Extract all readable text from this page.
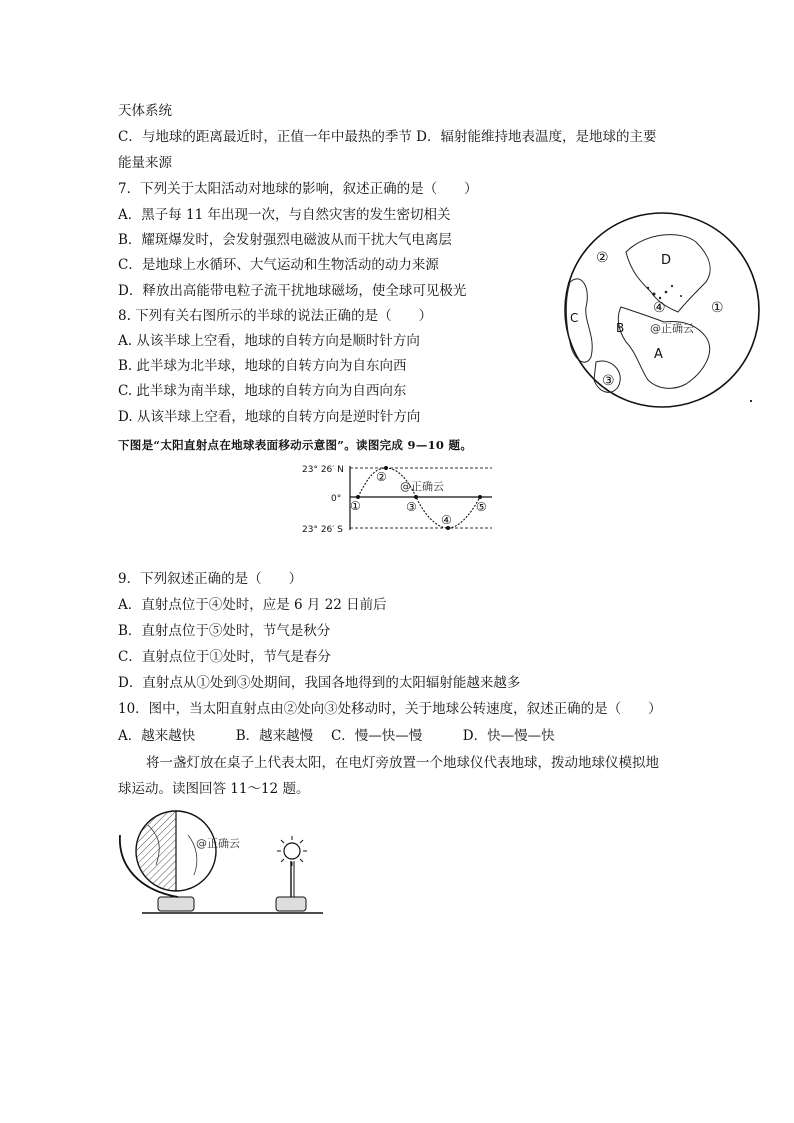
天体系统
C．与地球的距离最近时，正值一年中最热的季节 D．辐射能维持地表温度，是地球的主要
能量来源
7．下列关于太阳活动对地球的影响，叙述正确的是（　　）
A．黑子每 11 年出现一次，与自然灾害的发生密切相关
B．耀斑爆发时，会发射强烈电磁波从而干扰大气电离层
C．是地球上水循环、大气运动和生物活动的动力来源
D．释放出高能带电粒子流干扰地球磁场，使全球可见极光
8. 下列有关右图所示的半球的说法正确的是（　　）
A. 从该半球上空看，地球的自转方向是顺时针方向
B. 此半球为北半球，地球的自转方向为自东向西
C. 此半球为南半球，地球的自转方向为自西向东
D. 从该半球上空看，地球的自转方向是逆时针方向
下图是“太阳直射点在地球表面移动示意图”。读图完成 9—10 题。
9．下列叙述正确的是（　　）
A．直射点位于④处时，应是 6 月 22 日前后
B．直射点位于⑤处时，节气是秋分
C．直射点位于①处时，节气是春分
D．直射点从①处到③处期间，我国各地得到的太阳辐射能越来越多
10．图中，当太阳直射点由②处向③处移动时，关于地球公转速度，叙述正确的是（　　）
A．越来越快　　　B．越来越慢　 C．慢—快—慢　　　D．快—慢—快
将一盏灯放在桌子上代表太阳，在电灯旁放置一个地球仪代表地球，拨动地球仪模拟地
球运动。读图回答 11～12 题。
②	D
④	①
C
B
A
③
@正确云
23° 26′ N
0°
23° 26′ S
①
②
③
④
⑤
@正确云
@正确云
